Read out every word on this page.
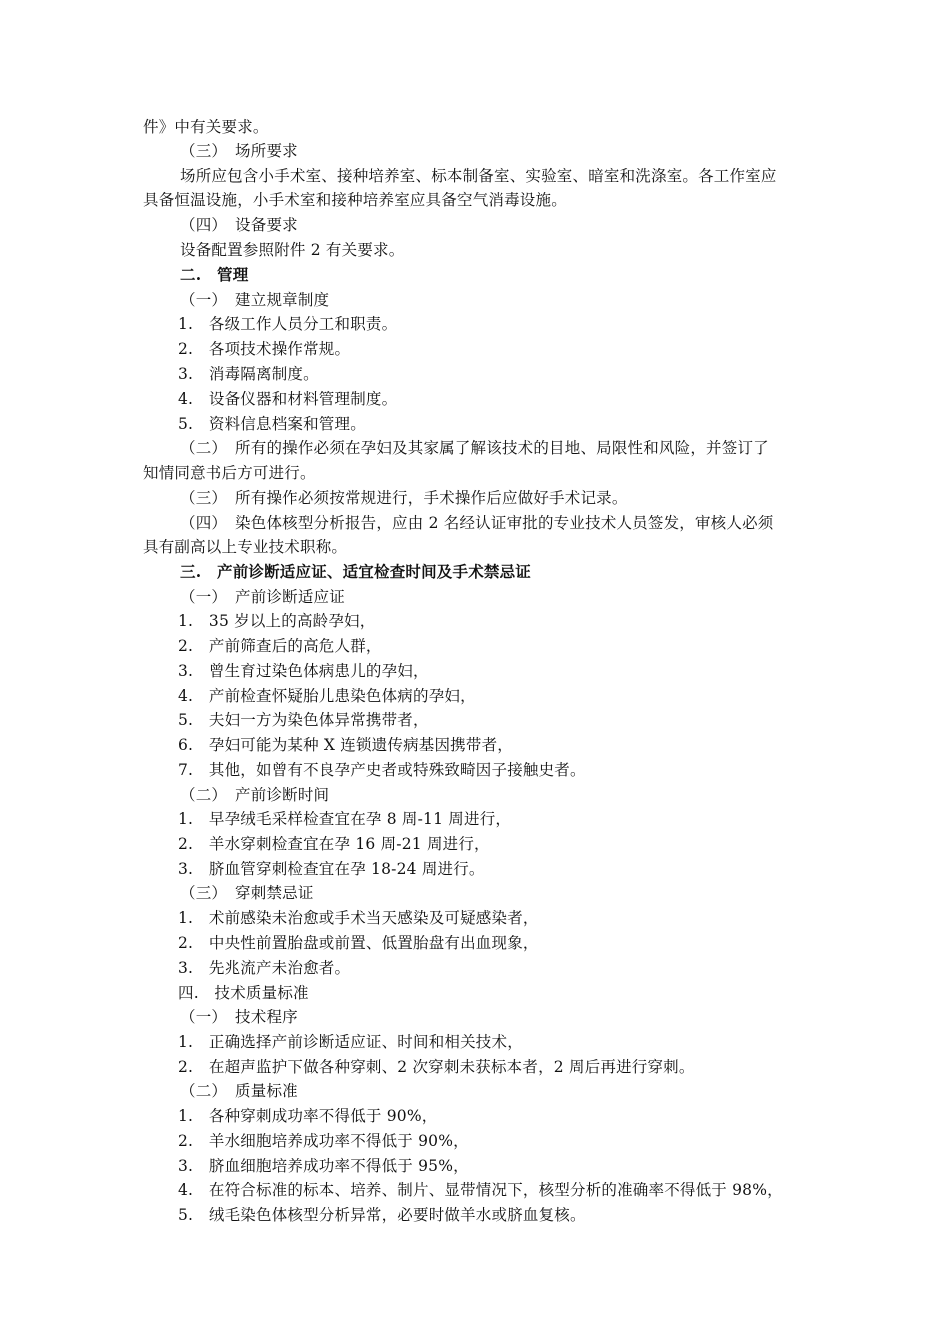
件》中有关要求。
（三）　场所要求
场所应包含小手术室、接种培养室、标本制备室、实验室、暗室和洗涤室。各工作室应
具备恒温设施，小手术室和接种培养室应具备空气消毒设施。
（四）　设备要求
设备配置参照附件 2 有关要求。
二.　管理
（一）　建立规章制度
1.　各级工作人员分工和职责。
2.　各项技术操作常规。
3.　消毒隔离制度。
4.　设备仪器和材料管理制度。
5.　资料信息档案和管理。
（二）　所有的操作必须在孕妇及其家属了解该技术的目地、局限性和风险，并签订了
知情同意书后方可进行。
（三）　所有操作必须按常规进行，手术操作后应做好手术记录。
（四）　染色体核型分析报告，应由 2 名经认证审批的专业技术人员签发，审核人必须
具有副高以上专业技术职称。
三.　产前诊断适应证、适宜检查时间及手术禁忌证
（一）　产前诊断适应证
1.　35 岁以上的高龄孕妇，
2.　产前筛查后的高危人群，
3.　曾生育过染色体病患儿的孕妇，
4.　产前检查怀疑胎儿患染色体病的孕妇，
5.　夫妇一方为染色体异常携带者，
6.　孕妇可能为某种 X 连锁遗传病基因携带者，
7.　其他，如曾有不良孕产史者或特殊致畸因子接触史者。
（二）　产前诊断时间
1.　早孕绒毛采样检查宜在孕 8 周-11 周进行，
2.　羊水穿刺检查宜在孕 16 周-21 周进行，
3.　脐血管穿刺检查宜在孕 18-24 周进行。
（三）　穿刺禁忌证
1.　术前感染未治愈或手术当天感染及可疑感染者，
2.　中央性前置胎盘或前置、低置胎盘有出血现象，
3.　先兆流产未治愈者。
四.　技术质量标准
（一）　技术程序
1.　正确选择产前诊断适应证、时间和相关技术，
2.　在超声监护下做各种穿刺、2 次穿刺未获标本者，2 周后再进行穿刺。
（二）　质量标准
1.　各种穿刺成功率不得低于 90%，
2.　羊水细胞培养成功率不得低于 90%，
3.　脐血细胞培养成功率不得低于 95%，
4.　在符合标准的标本、培养、制片、显带情况下，核型分析的准确率不得低于 98%，
5.　绒毛染色体核型分析异常，必要时做羊水或脐血复核。
